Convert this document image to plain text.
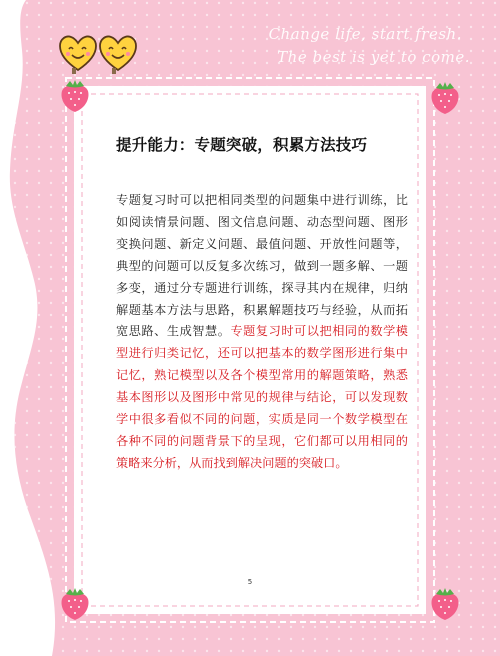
Change life, start fresh.
The best is yet to come.
提升能力：专题突破，积累方法技巧
专题复习时可以把相同类型的问题集中进行训练，比如阅读情景问题、图文信息问题、动态型问题、图形变换问题、新定义问题、最值问题、开放性问题等，典型的问题可以反复多次练习，做到一题多解、一题多变，通过分专题进行训练，探寻其内在规律，归纳解题基本方法与思路，积累解题技巧与经验，从而拓宽思路、生成智慧。专题复习时可以把相同的数学模型进行归类记忆，还可以把基本的数学图形进行集中记忆，熟记模型以及各个模型常用的解题策略，熟悉基本图形以及图形中常见的规律与结论，可以发现数学中很多看似不同的问题，实质是同一个数学模型在各种不同的问题背景下的呈现，它们都可以用相同的策略来分析，从而找到解决问题的突破口。
5
